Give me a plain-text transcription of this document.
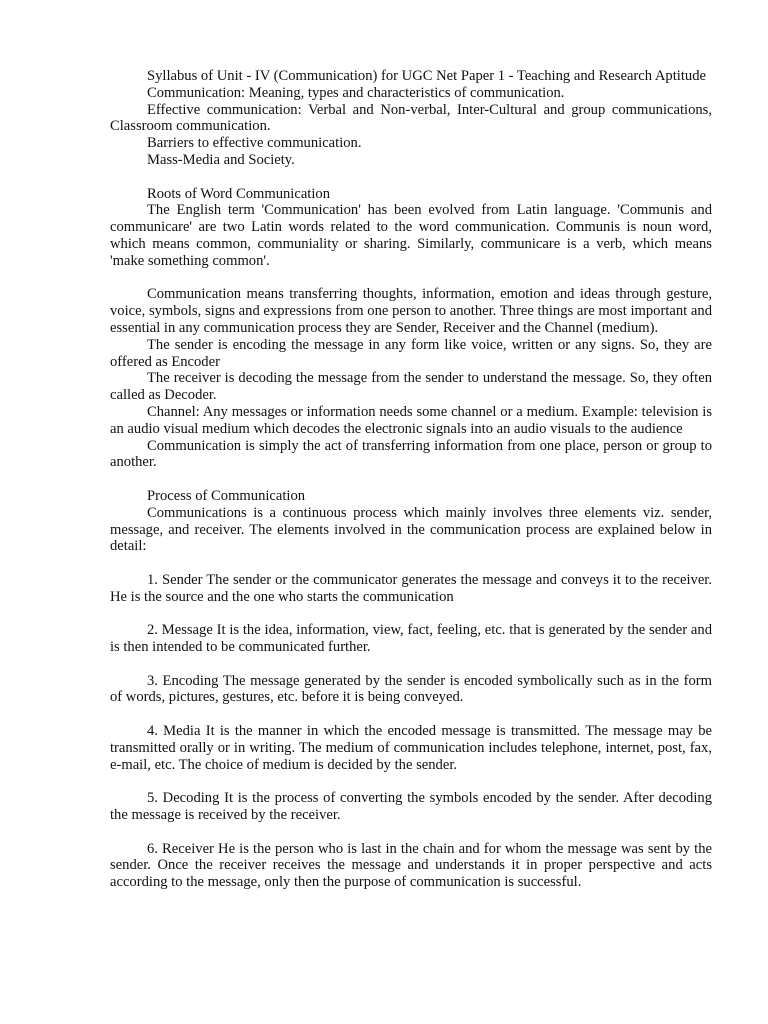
Syllabus of Unit - IV (Communication) for UGC Net Paper 1 - Teaching and Research Aptitude

Communication: Meaning, types and characteristics of communication.

Effective communication: Verbal and Non-verbal, Inter-Cultural and group communications, Classroom communication.

Barriers to effective communication.

Mass-Media and Society.

Roots of Word Communication

The English term 'Communication' has been evolved from Latin language. 'Communis and communicare' are two Latin words related to the word communication. Communis is noun word, which means common, communiality or sharing. Similarly, communicare is a verb, which means 'make something common'.

Communication means transferring thoughts, information, emotion and ideas through gesture, voice, symbols, signs and expressions from one person to another. Three things are most important and essential in any communication process they are Sender, Receiver and the Channel (medium).

The sender is encoding the message in any form like voice, written or any signs. So, they are offered as Encoder

The receiver is decoding the message from the sender to understand the message. So, they often called as Decoder.

Channel: Any messages or information needs some channel or a medium. Example: television is an audio visual medium which decodes the electronic signals into an audio visuals to the audience

Communication is simply the act of transferring information from one place, person or group to another.

Process of Communication

Communications is a continuous process which mainly involves three elements viz. sender, message, and receiver. The elements involved in the communication process are explained below in detail:

1. Sender The sender or the communicator generates the message and conveys it to the receiver. He is the source and the one who starts the communication

2. Message It is the idea, information, view, fact, feeling, etc. that is generated by the sender and is then intended to be communicated further.

3. Encoding The message generated by the sender is encoded symbolically such as in the form of words, pictures, gestures, etc. before it is being conveyed.

4. Media It is the manner in which the encoded message is transmitted. The message may be transmitted orally or in writing. The medium of communication includes telephone, internet, post, fax, e-mail, etc. The choice of medium is decided by the sender.

5. Decoding It is the process of converting the symbols encoded by the sender. After decoding the message is received by the receiver.

6. Receiver He is the person who is last in the chain and for whom the message was sent by the sender. Once the receiver receives the message and understands it in proper perspective and acts according to the message, only then the purpose of communication is successful.
